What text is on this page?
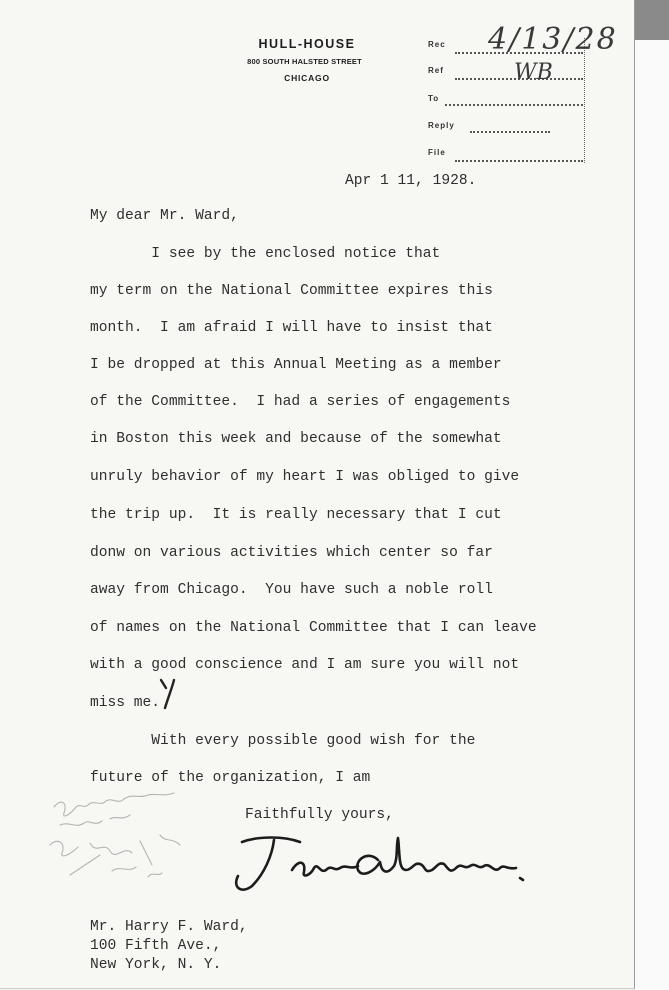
HULL-HOUSE
800 SOUTH HALSTED STREET
CHICAGO
Rec
Ref
To
Reply
File
4/13/28
WB
Apr 1 11, 1928.
My dear Mr. Ward,
I see by the enclosed notice that
my term on the National Committee expires this
month.  I am afraid I will have to insist that
I be dropped at this Annual Meeting as a member
of the Committee.  I had a series of engagements
in Boston this week and because of the somewhat
unruly behavior of my heart I was obliged to give
the trip up.  It is really necessary that I cut
donw on various activities which center so far
away from Chicago.  You have such a noble roll
of names on the National Committee that I can leave
with a good conscience and I am sure you will not
miss me.
With every possible good wish for the
future of the organization, I am
Faithfully yours,
Mr. Harry F. Ward,
100 Fifth Ave.,
New York, N. Y.
